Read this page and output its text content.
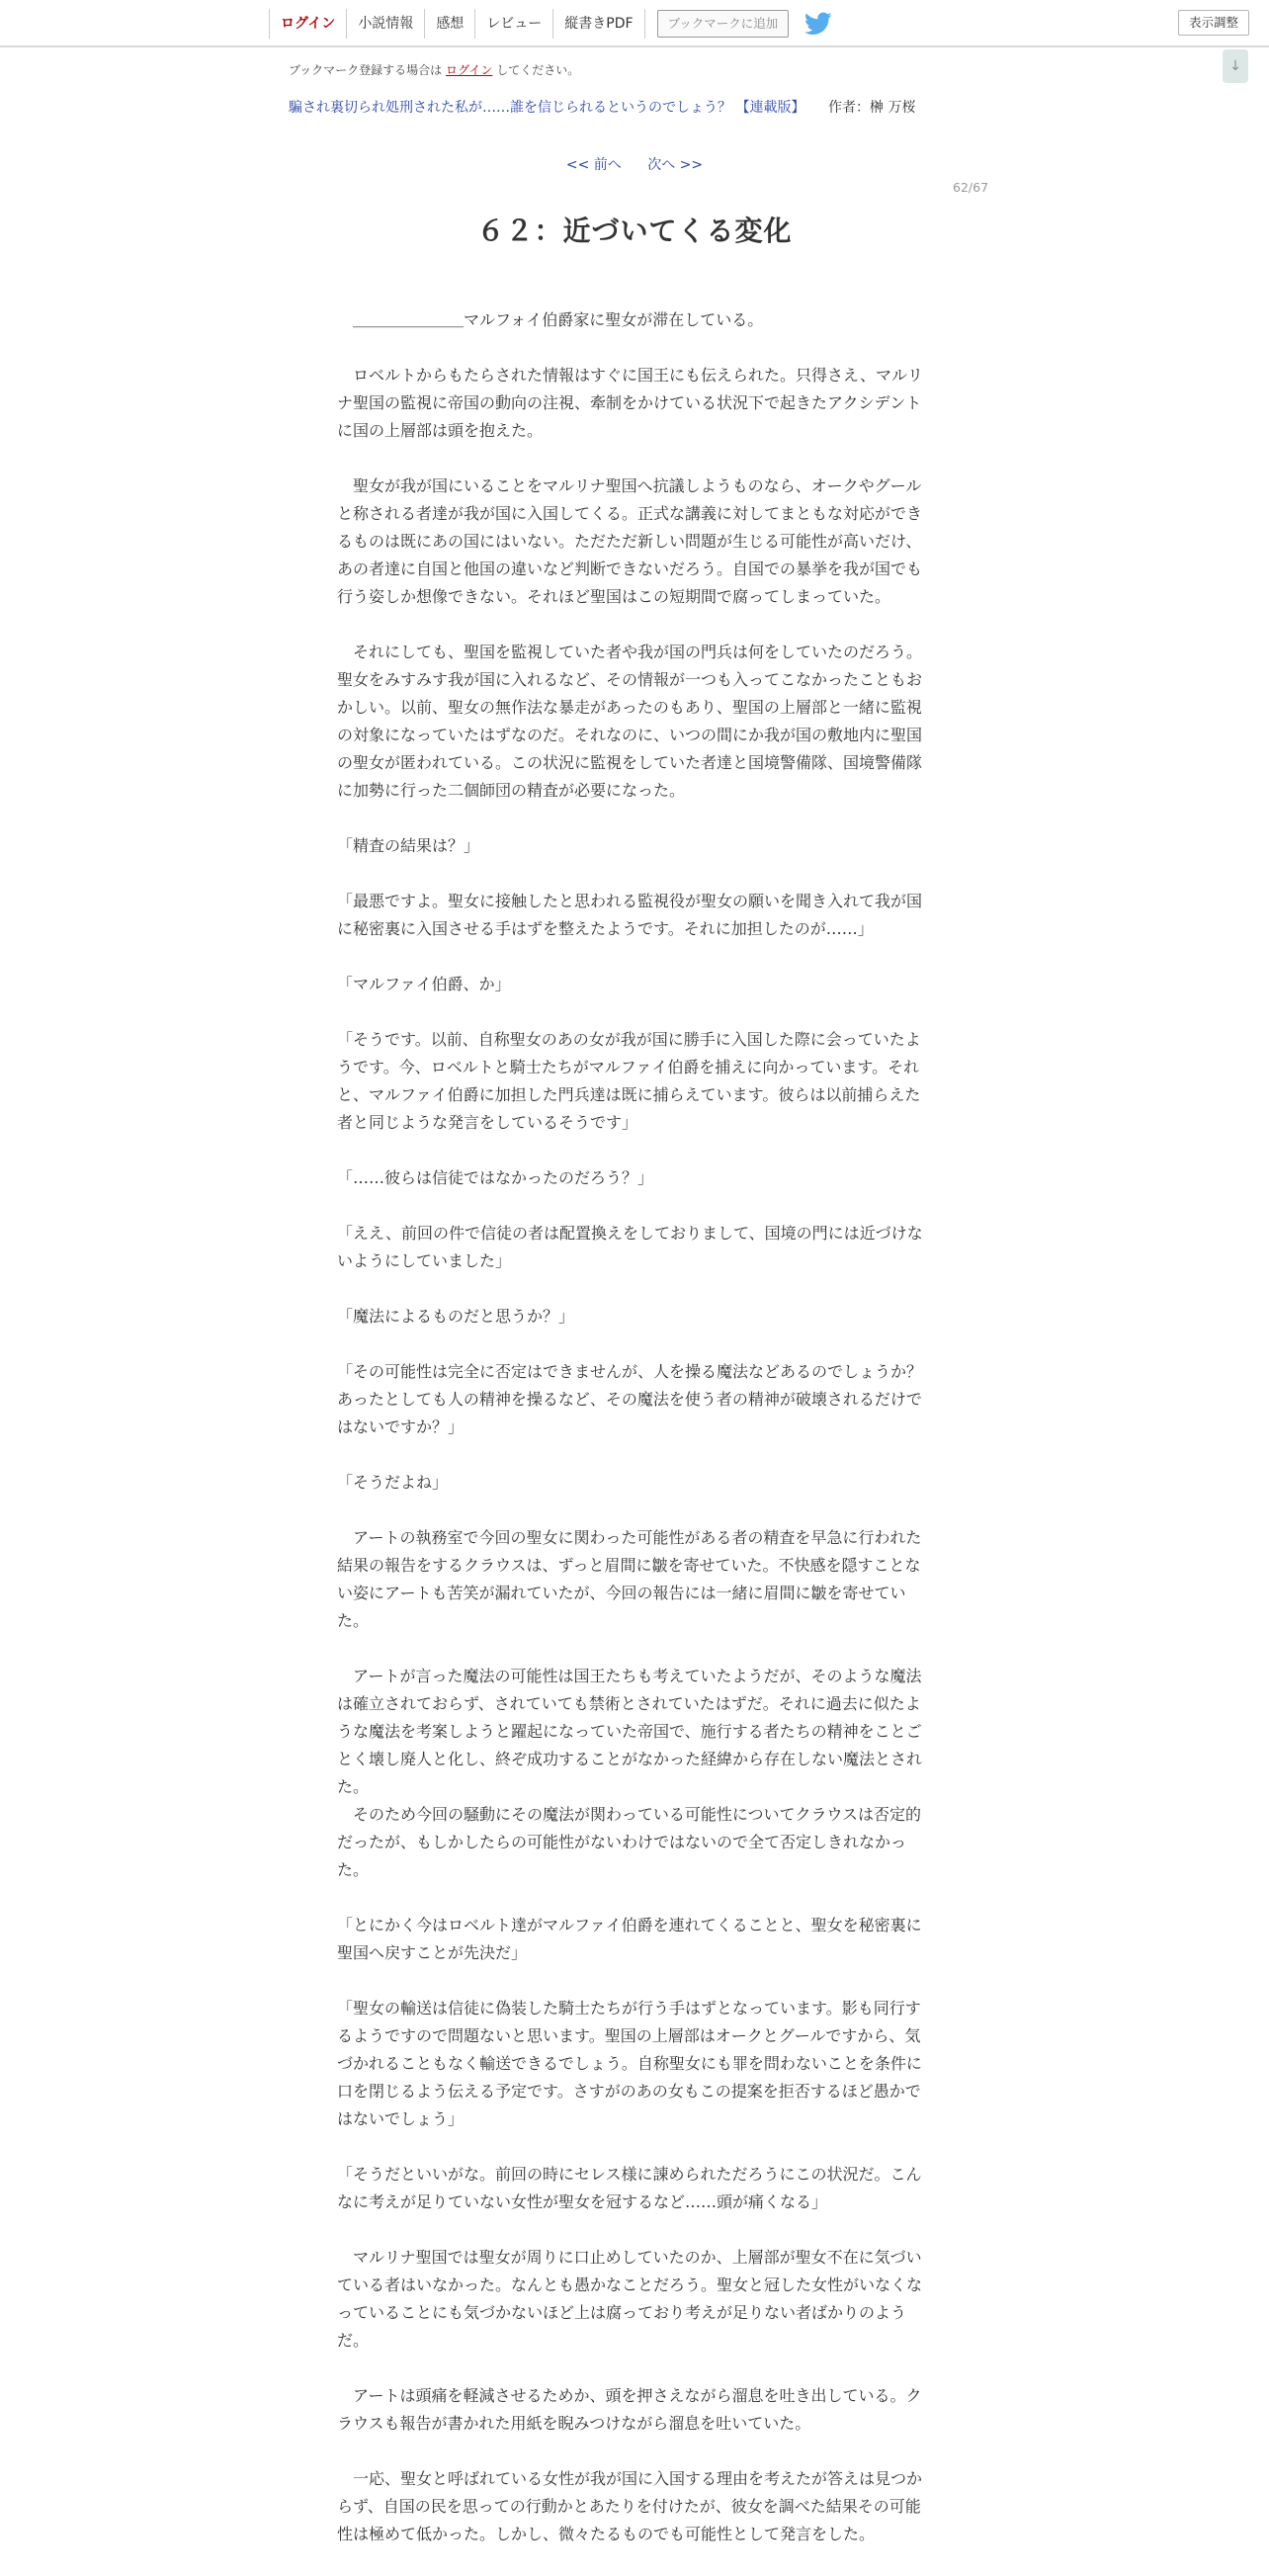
ログイン	小説情報	感想	レビュー	縦書きPDF	ブックマークに追加	表示調整
↓
ブックマーク登録する場合は ログイン してください。
騙され裏切られ処刑された私が……誰を信じられるというのでしょう？ 【連載版】 作者：榊 万桜
<< 前へ 次へ >>
62/67
６２：近づいてくる変化

　＿＿＿＿＿＿＿マルフォイ伯爵家に聖女が滞在している。

　ロベルトからもたらされた情報はすぐに国王にも伝えられた。只得さえ、マルリナ聖国の監視に帝国の動向の注視、牽制をかけている状況下で起きたアクシデントに国の上層部は頭を抱えた。

　聖女が我が国にいることをマルリナ聖国へ抗議しようものなら、オークやグールと称される者達が我が国に入国してくる。正式な講義に対してまともな対応ができるものは既にあの国にはいない。ただただ新しい問題が生じる可能性が高いだけ、あの者達に自国と他国の違いなど判断できないだろう。自国での暴挙を我が国でも行う姿しか想像できない。それほど聖国はこの短期間で腐ってしまっていた。

　それにしても、聖国を監視していた者や我が国の門兵は何をしていたのだろう。聖女をみすみす我が国に入れるなど、その情報が一つも入ってこなかったこともおかしい。以前、聖女の無作法な暴走があったのもあり、聖国の上層部と一緒に監視の対象になっていたはずなのだ。それなのに、いつの間にか我が国の敷地内に聖国の聖女が匿われている。この状況に監視をしていた者達と国境警備隊、国境警備隊に加勢に行った二個師団の精査が必要になった。

「精査の結果は？」

「最悪ですよ。聖女に接触したと思われる監視役が聖女の願いを聞き入れて我が国に秘密裏に入国させる手はずを整えたようです。それに加担したのが……」

「マルファイ伯爵、か」

「そうです。以前、自称聖女のあの女が我が国に勝手に入国した際に会っていたようです。今、ロベルトと騎士たちがマルファイ伯爵を捕えに向かっています。それと、マルファイ伯爵に加担した門兵達は既に捕らえています。彼らは以前捕らえた者と同じような発言をしているそうです」

「……彼らは信徒ではなかったのだろう？」

「ええ、前回の件で信徒の者は配置換えをしておりまして、国境の門には近づけないようにしていました」

「魔法によるものだと思うか？」

「その可能性は完全に否定はできませんが、人を操る魔法などあるのでしょうか？　あったとしても人の精神を操るなど、その魔法を使う者の精神が破壊されるだけではないですか？」

「そうだよね」

　アートの執務室で今回の聖女に関わった可能性がある者の精査を早急に行われた結果の報告をするクラウスは、ずっと眉間に皺を寄せていた。不快感を隠すことない姿にアートも苦笑が漏れていたが、今回の報告には一緒に眉間に皺を寄せていた。

　アートが言った魔法の可能性は国王たちも考えていたようだが、そのような魔法は確立されておらず、されていても禁術とされていたはずだ。それに過去に似たような魔法を考案しようと躍起になっていた帝国で、施行する者たちの精神をことごとく壊し廃人と化し、終ぞ成功することがなかった経緯から存在しない魔法とされた。
　そのため今回の騒動にその魔法が関わっている可能性についてクラウスは否定的だったが、もしかしたらの可能性がないわけではないので全て否定しきれなかった。

「とにかく今はロベルト達がマルファイ伯爵を連れてくることと、聖女を秘密裏に聖国へ戻すことが先決だ」

「聖女の輸送は信徒に偽装した騎士たちが行う手はずとなっています。影も同行するようですので問題ないと思います。聖国の上層部はオークとグールですから、気づかれることもなく輸送できるでしょう。自称聖女にも罪を問わないことを条件に口を閉じるよう伝える予定です。さすがのあの女もこの提案を拒否するほど愚かではないでしょう」

「そうだといいがな。前回の時にセレス様に諌められただろうにこの状況だ。こんなに考えが足りていない女性が聖女を冠するなど……頭が痛くなる」

　マルリナ聖国では聖女が周りに口止めしていたのか、上層部が聖女不在に気づいている者はいなかった。なんとも愚かなことだろう。聖女と冠した女性がいなくなっていることにも気づかないほど上は腐っており考えが足りない者ばかりのようだ。

　アートは頭痛を軽減させるためか、頭を押さえながら溜息を吐き出している。クラウスも報告が書かれた用紙を睨みつけながら溜息を吐いていた。

　一応、聖女と呼ばれている女性が我が国に入国する理由を考えたが答えは見つからず、自国の民を思っての行動かとあたりを付けたが、彼女を調べた結果その可能性は極めて低かった。しかし、微々たるものでも可能性として発言をした。
